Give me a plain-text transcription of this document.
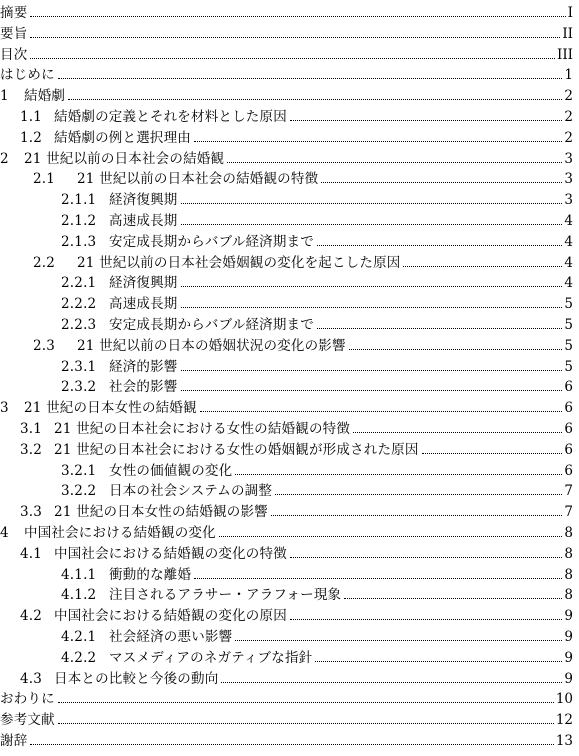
摘要	I
要旨	II
目次	III
はじめに	1
1 結婚劇	2
1.1 結婚劇の定義とそれを材料とした原因	2
1.2 結婚劇の例と選択理由	2
2 21 世紀以前の日本社会の結婚観	3
2.1 21 世紀以前の日本社会の結婚観の特徴	3
2.1.1 経済復興期	3
2.1.2 高速成長期	4
2.1.3 安定成長期からバブル経済期まで	4
2.2 21 世紀以前の日本社会婚姻観の変化を起こした原因	4
2.2.1 経済復興期	4
2.2.2 高速成長期	5
2.2.3 安定成長期からバブル経済期まで	5
2.3 21 世紀以前の日本の婚姻状況の変化の影響	5
2.3.1 経済的影響	5
2.3.2 社会的影響	6
3 21 世紀の日本女性の結婚観	6
3.1 21 世紀の日本社会における女性の結婚観の特徴	6
3.2 21 世紀の日本社会における女性の婚姻観が形成された原因	6
3.2.1 女性の価値観の変化	6
3.2.2 日本の社会システムの調整	7
3.3 21 世紀の日本女性の結婚観の影響	7
4 中国社会における結婚観の変化	8
4.1 中国社会における結婚観の変化の特徴	8
4.1.1 衝動的な離婚	8
4.1.2 注目されるアラサー・アラフォー現象	8
4.2 中国社会における結婚観の変化の原因	9
4.2.1 社会経済の悪い影響	9
4.2.2 マスメディアのネガティブな指針	9
4.3 日本との比較と今後の動向	9
おわりに	10
参考文献	12
謝辞	13
